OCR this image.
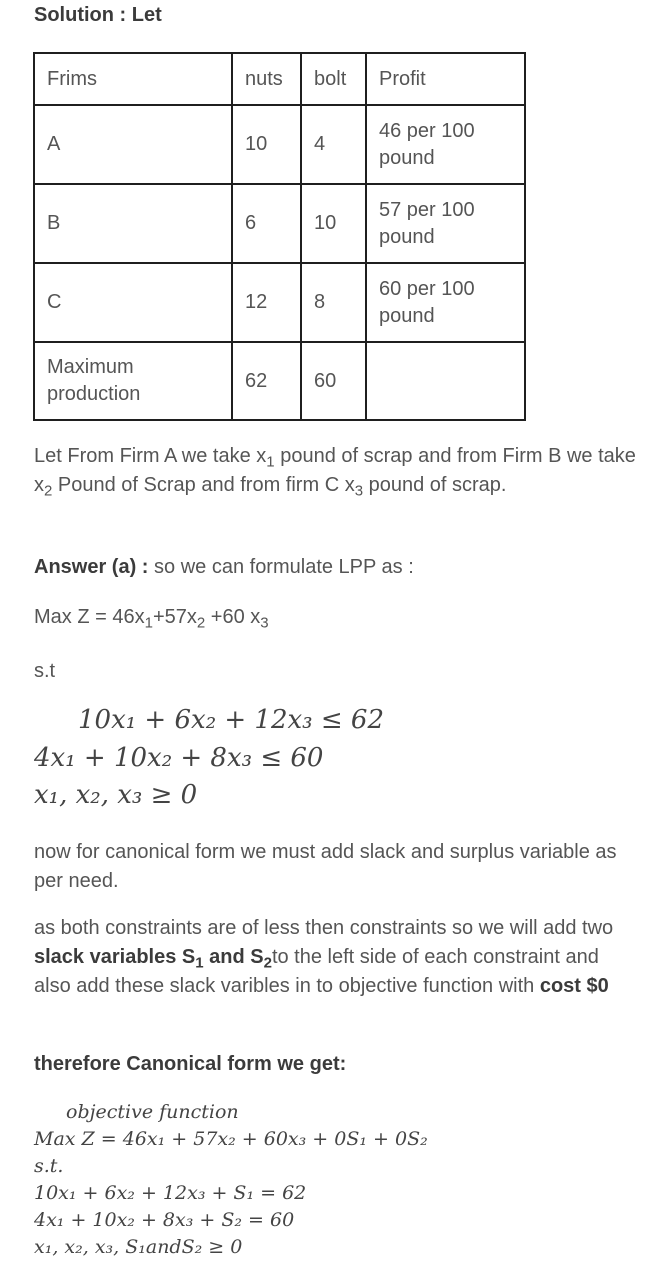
Solution : Let
Frims	nuts	bolt	Profit
A	10	4	46 per 100
pound
B	6	10	57 per 100
pound
C	12	8	60 per 100
pound
Maximum
production	62	60	
Let From Firm A we take $x_1$ pound of scrap and from Firm B we take $x_2$ Pound of Scrap and from firm C $x_3$ pound of scrap.
Answer (a) : so we can formulate LPP as :
Max $Z = 46x_1+57x_2 +60$ $x_3$
s.t
10x₁ + 6x₂ + 12x₃ ≤ 62
4x₁ + 10x₂ + 8x₃ ≤ 60
x₁, x₂, x₃ ≥ 0
now for canonical form we must add slack and surplus variable as per need.
as both constraints are of less then constraints so we will add two slack variables $S_1$ and $S_2to$ the left side of each constraint and also add these slack varibles in to objective function with cost $0
therefore Canonical form we get:
objective function
Max Z = 46x₁ + 57x₂ + 60x₃ + 0S₁ + 0S₂
s.t.
10x₁ + 6x₂ + 12x₃ + S₁ = 62
4x₁ + 10x₂ + 8x₃ + S₂ = 60
x₁, x₂, x₃, S₁andS₂ ≥ 0
